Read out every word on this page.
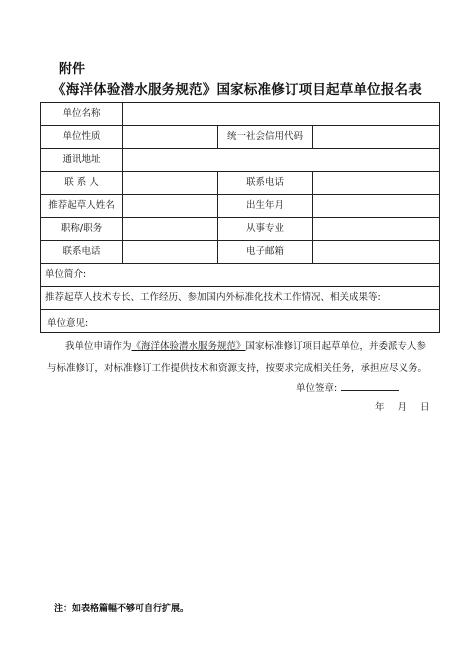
附件
《海洋体验潜水服务规范》国家标准修订项目起草单位报名表
单位名称			
单位性质		统一社会信用代码	
通讯地址			
联 系 人		联系电话	
推荐起草人姓名		出生年月	
职称/职务		从事专业	
联系电话		电子邮箱	

单位简介:			

推荐起草人技术专长、工作经历、参加国内外标准化技术工作情况、相关成果等:			

单位意见:
我单位申请作为《海洋体验潜水服务规范》国家标准修订项目起草单位，并委派专人参与标准修订，对标准修订工作提供技术和资源支持，按要求完成相关任务，承担应尽义务。
单位签章:
年 月 日			
注：如表格篇幅不够可自行扩展。
